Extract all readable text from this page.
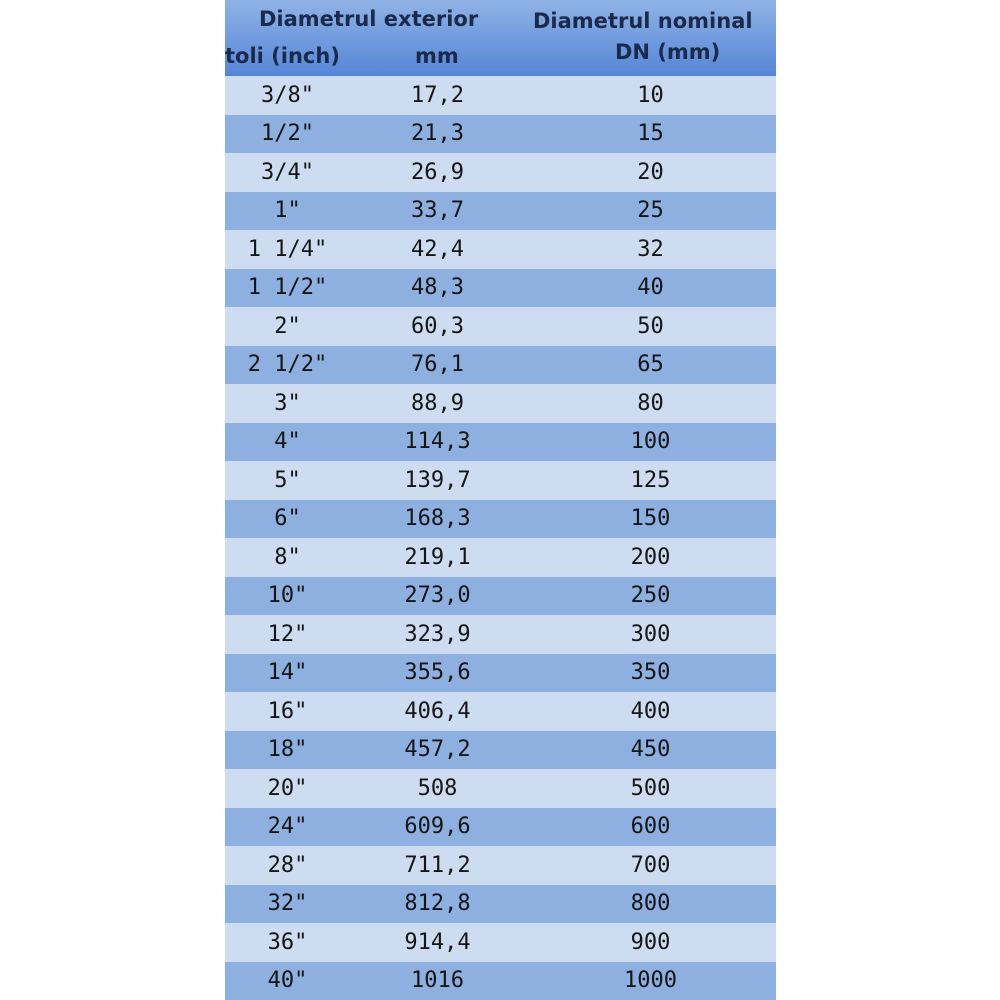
Diametrul exterior
toli (inch)	mm
Diametrul nominal
DN (mm)
3/8"	17,2	10
1/2"	21,3	15
3/4"	26,9	20
1"	33,7	25
1 1/4"	42,4	32
1 1/2"	48,3	40
2"	60,3	50
2 1/2"	76,1	65
3"	88,9	80
4"	114,3	100
5"	139,7	125
6"	168,3	150
8"	219,1	200
10"	273,0	250
12"	323,9	300
14"	355,6	350
16"	406,4	400
18"	457,2	450
20"	508	500
24"	609,6	600
28"	711,2	700
32"	812,8	800
36"	914,4	900
40"	1016	1000
